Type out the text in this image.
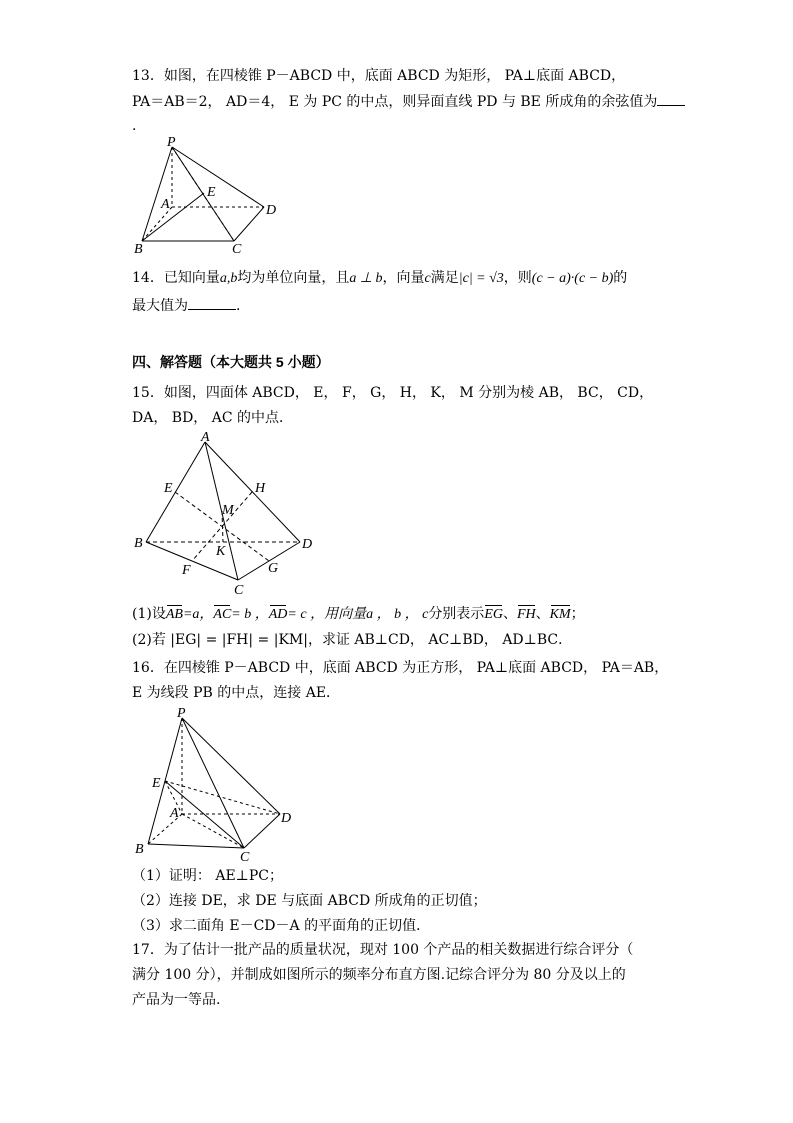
13．如图，在四棱锥 P－ABCD 中，底面 ABCD 为矩形， PA⊥底面 ABCD，
PA＝AB＝2， AD＝4， E 为 PC 的中点，则异面直线 PD 与 BE 所成角的余弦值为
.
P
E
A	D
B	C
14．已知向量a,b均为单位向量，且a ⊥ b，向量c满足|c| = √3，则(c − a)·(c − b)的
最大值为	.
四、解答题（本大题共 5 小题）
15．如图，四面体 ABCD， E， F， G， H， K， M 分别为棱 AB， BC， CD，
DA， BD， AC 的中点．
A
E	H
M
B
K	D
F	G
C
(1)设AB=a，AC= b ，AD= c ，用向量a ， b ， c分别表示EG、FH、KM；
(2)若 |EG| = |FH| = |KM|，求证 AB⊥CD， AC⊥BD， AD⊥BC．
16．在四棱锥 P－ABCD 中，底面 ABCD 为正方形， PA⊥底面 ABCD， PA＝AB，
E 为线段 PB 的中点，连接 AE．
P
E
A	D
B
C
（1）证明： AE⊥PC；
（2）连接 DE，求 DE 与底面 ABCD 所成角的正切值；
（3）求二面角 E－CD－A 的平面角的正切值．
17．为了估计一批产品的质量状况，现对 100 个产品的相关数据进行综合评分（
满分 100 分），并制成如图所示的频率分布直方图.记综合评分为 80 分及以上的
产品为一等品.
